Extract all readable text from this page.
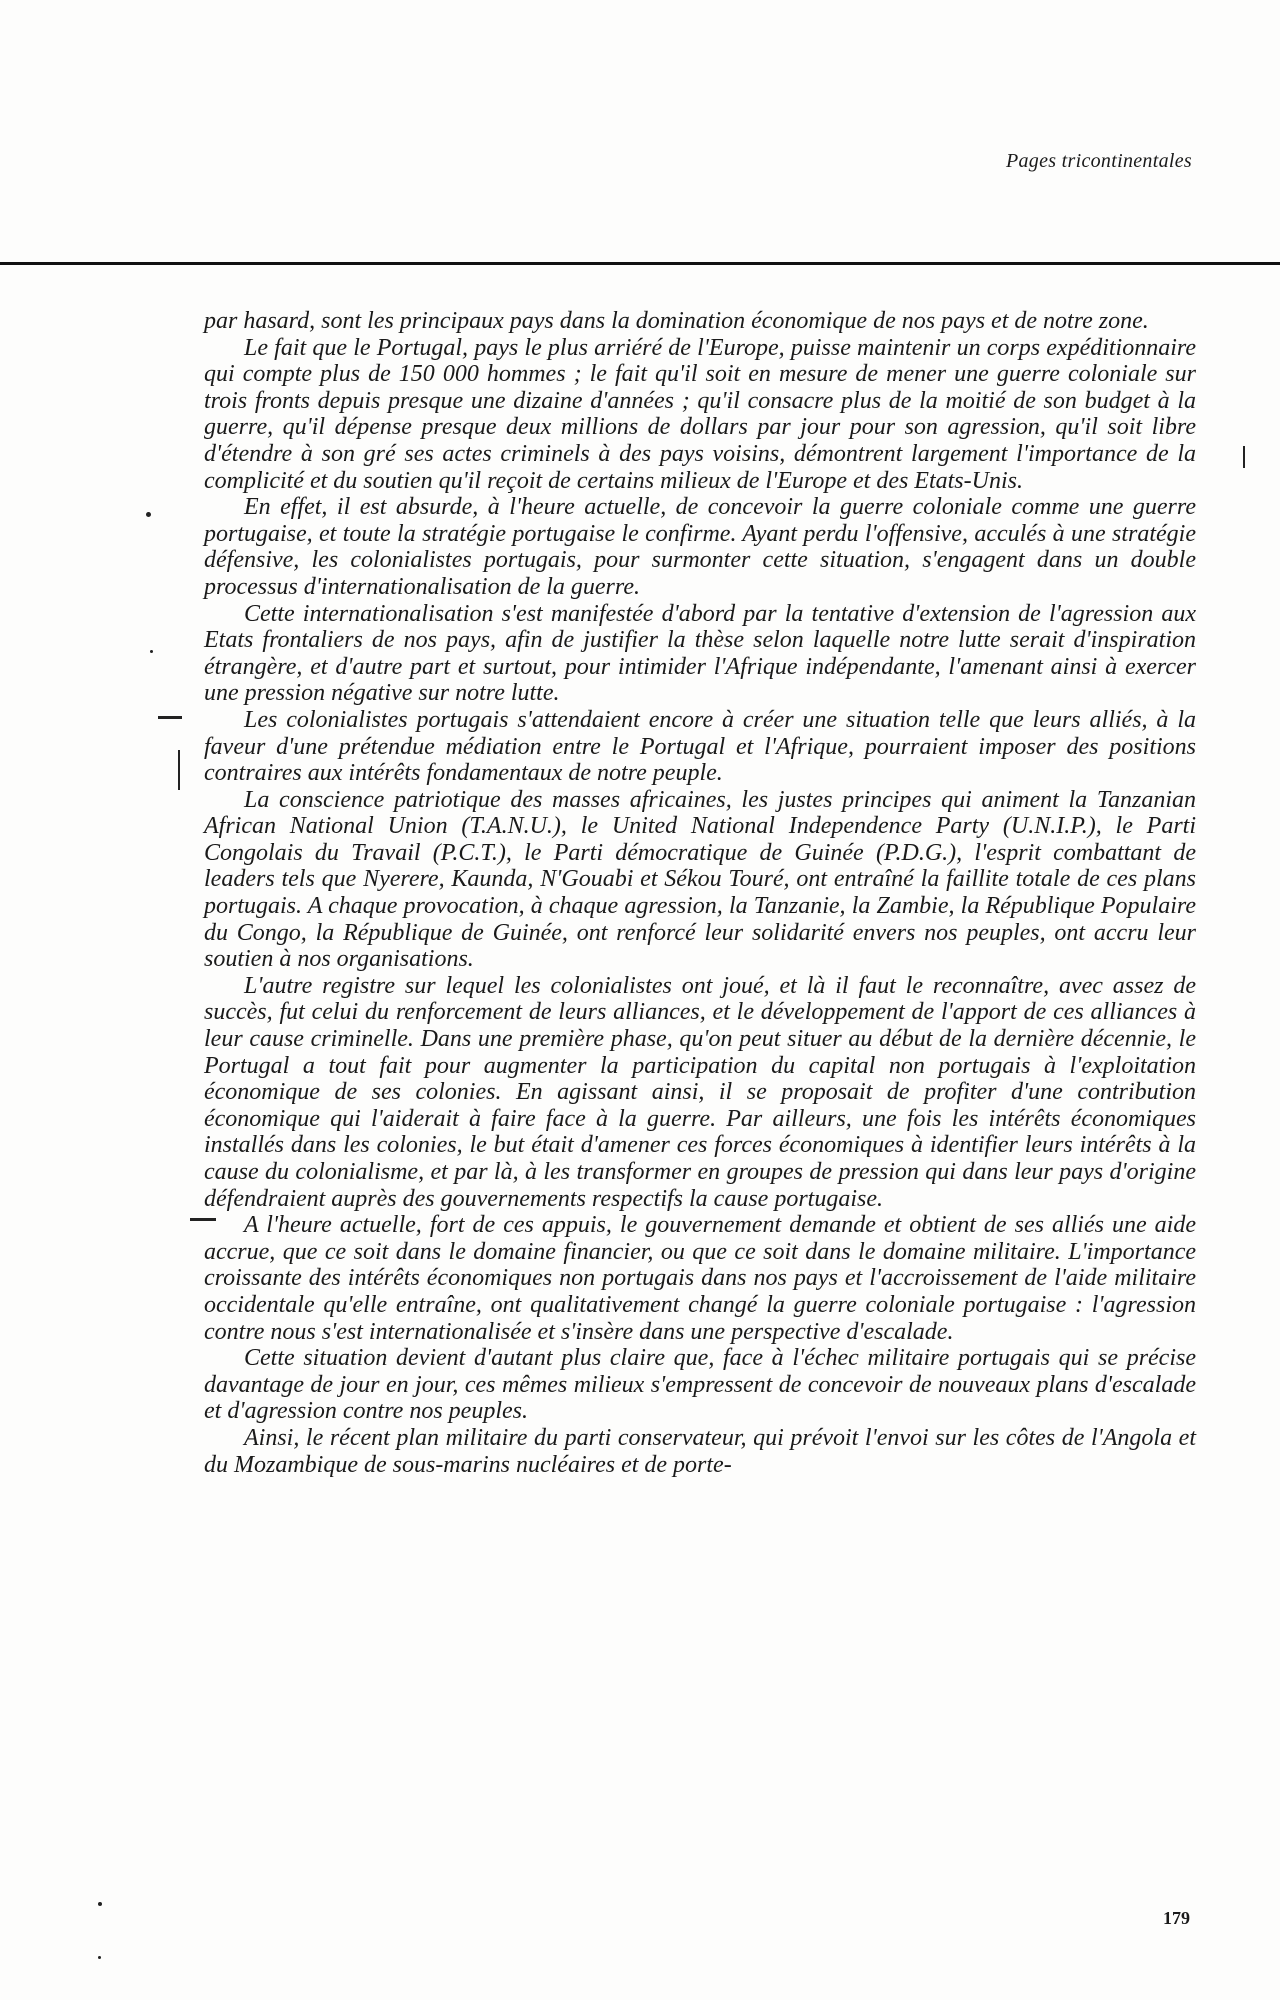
Pages tricontinentales

par hasard, sont les principaux pays dans la domination économique de nos pays et de notre zone.

Le fait que le Portugal, pays le plus arriéré de l'Europe, puisse maintenir un corps expéditionnaire qui compte plus de 150 000 hommes ; le fait qu'il soit en mesure de mener une guerre coloniale sur trois fronts depuis presque une dizaine d'années ; qu'il consacre plus de la moitié de son budget à la guerre, qu'il dépense presque deux millions de dollars par jour pour son agression, qu'il soit libre d'étendre à son gré ses actes criminels à des pays voisins, démontrent largement l'importance de la complicité et du soutien qu'il reçoit de certains milieux de l'Europe et des Etats-Unis.

En effet, il est absurde, à l'heure actuelle, de concevoir la guerre coloniale comme une guerre portugaise, et toute la stratégie portugaise le confirme. Ayant perdu l'offensive, acculés à une stratégie défensive, les colonialistes portugais, pour surmonter cette situation, s'engagent dans un double processus d'internationalisation de la guerre.

Cette internationalisation s'est manifestée d'abord par la tentative d'extension de l'agression aux Etats frontaliers de nos pays, afin de justifier la thèse selon laquelle notre lutte serait d'inspiration étrangère, et d'autre part et surtout, pour intimider l'Afrique indépendante, l'amenant ainsi à exercer une pression négative sur notre lutte.

Les colonialistes portugais s'attendaient encore à créer une situation telle que leurs alliés, à la faveur d'une prétendue médiation entre le Portugal et l'Afrique, pourraient imposer des positions contraires aux intérêts fondamentaux de notre peuple.

La conscience patriotique des masses africaines, les justes principes qui animent la Tanzanian African National Union (T.A.N.U.), le United National Independence Party (U.N.I.P.), le Parti Congolais du Travail (P.C.T.), le Parti démocratique de Guinée (P.D.G.), l'esprit combattant de leaders tels que Nyerere, Kaunda, N'Gouabi et Sékou Touré, ont entraîné la faillite totale de ces plans portugais. A chaque provocation, à chaque agression, la Tanzanie, la Zambie, la République Populaire du Congo, la République de Guinée, ont renforcé leur solidarité envers nos peuples, ont accru leur soutien à nos organisations.

L'autre registre sur lequel les colonialistes ont joué, et là il faut le reconnaître, avec assez de succès, fut celui du renforcement de leurs alliances, et le développement de l'apport de ces alliances à leur cause criminelle. Dans une première phase, qu'on peut situer au début de la dernière décennie, le Portugal a tout fait pour augmenter la participation du capital non portugais à l'exploitation économique de ses colonies. En agissant ainsi, il se proposait de profiter d'une contribution économique qui l'aiderait à faire face à la guerre. Par ailleurs, une fois les intérêts économiques installés dans les colonies, le but était d'amener ces forces économiques à identifier leurs intérêts à la cause du colonialisme, et par là, à les transformer en groupes de pression qui dans leur pays d'origine défendraient auprès des gouvernements respectifs la cause portugaise.

A l'heure actuelle, fort de ces appuis, le gouvernement demande et obtient de ses alliés une aide accrue, que ce soit dans le domaine financier, ou que ce soit dans le domaine militaire. L'importance croissante des intérêts économiques non portugais dans nos pays et l'accroissement de l'aide militaire occidentale qu'elle entraîne, ont qualitativement changé la guerre coloniale portugaise : l'agression contre nous s'est internationalisée et s'insère dans une perspective d'escalade.

Cette situation devient d'autant plus claire que, face à l'échec militaire portugais qui se précise davantage de jour en jour, ces mêmes milieux s'empressent de concevoir de nouveaux plans d'escalade et d'agression contre nos peuples.

Ainsi, le récent plan militaire du parti conservateur, qui prévoit l'envoi sur les côtes de l'Angola et du Mozambique de sous-marins nucléaires et de porte-

179
